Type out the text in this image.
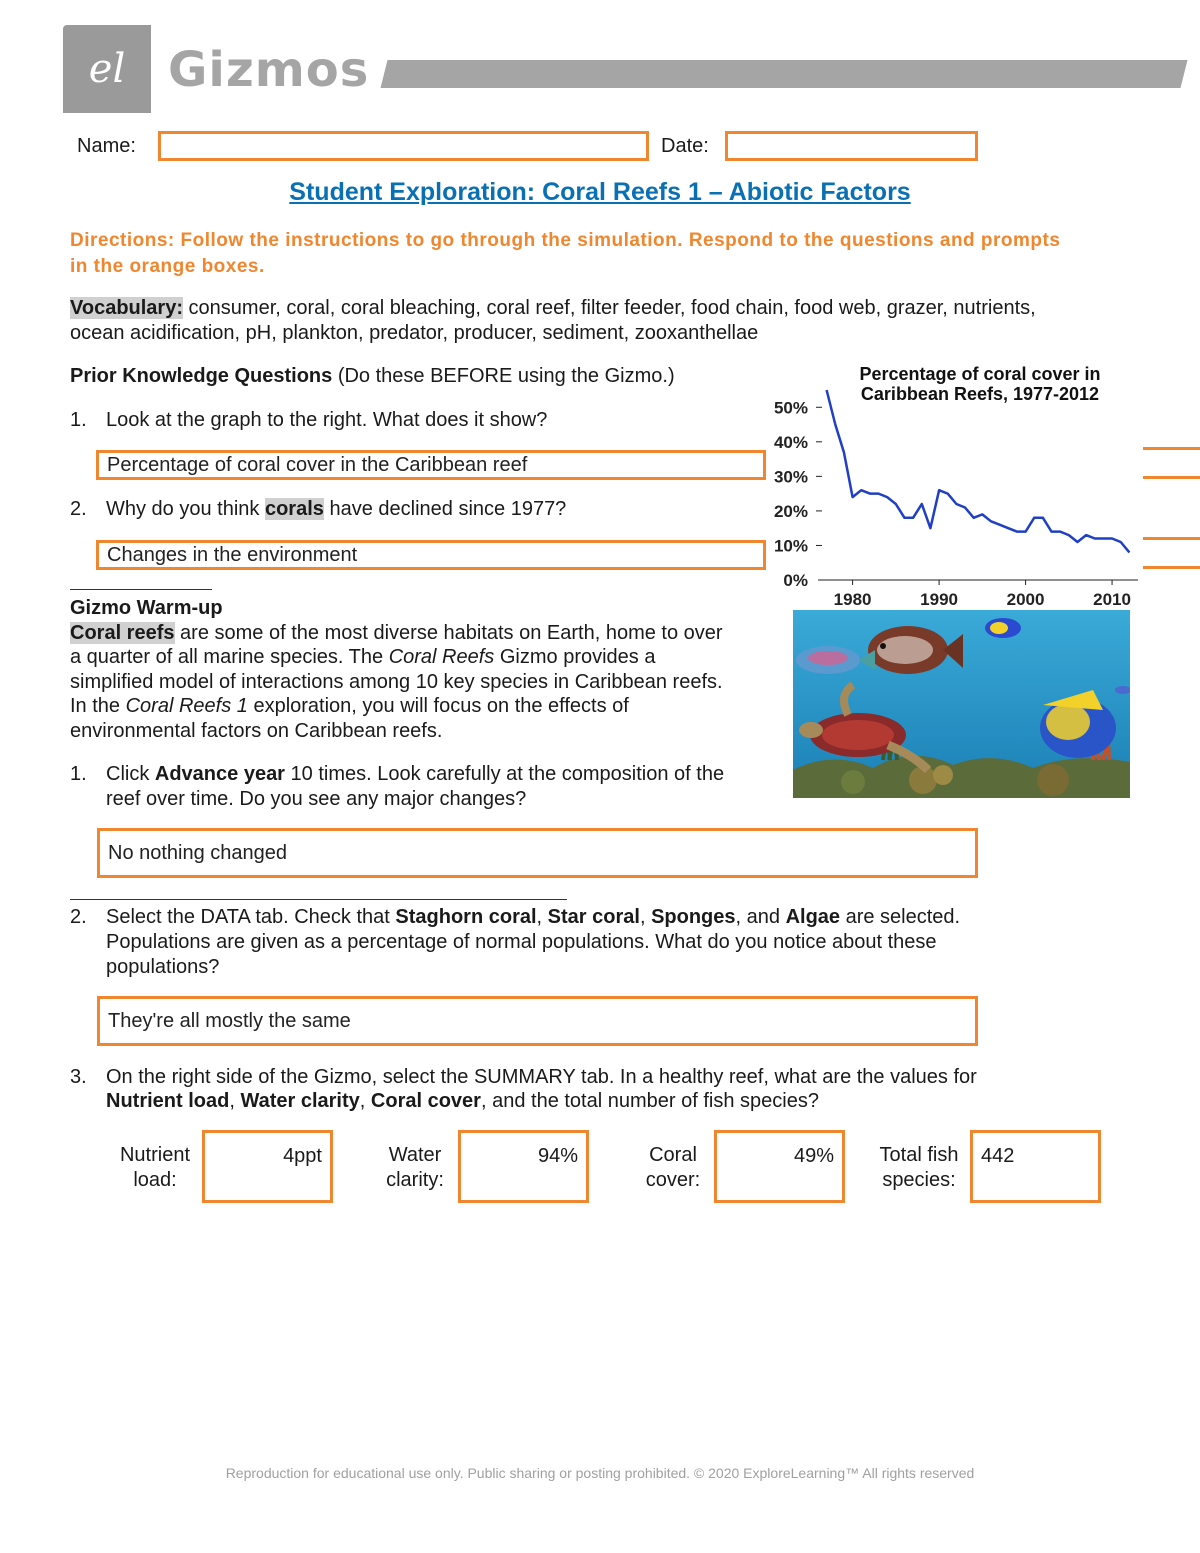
el Gizmos
Name:	Date:
Student Exploration: Coral Reefs 1 – Abiotic Factors
Directions: Follow the instructions to go through the simulation. Respond to the questions and prompts in the orange boxes.
Vocabulary: consumer, coral, coral bleaching, coral reef, filter feeder, food chain, food web, grazer, nutrients,
ocean acidification, pH, plankton, predator, producer, sediment, zooxanthellae
Prior Knowledge Questions (Do these BEFORE using the Gizmo.)
1. Look at the graph to the right. What does it show?
Percentage of coral cover in the Caribbean reef
2. Why do you think corals have declined since 1977?
Changes in the environment
Percentage of coral cover in Caribbean Reefs, 1977-2012
0%
10%
20%
30%
40%
50%
1980	1990	2000	2010
Gizmo Warm-up
Coral reefs are some of the most diverse habitats on Earth, home to over
a quarter of all marine species. The Coral Reefs Gizmo provides a
simplified model of interactions among 10 key species in Caribbean reefs.
In the Coral Reefs 1 exploration, you will focus on the effects of
environmental factors on Caribbean reefs.
1. Click Advance year 10 times. Look carefully at the composition of the
reef over time. Do you see any major changes?
No nothing changed
2. Select the DATA tab. Check that Staghorn coral, Star coral, Sponges, and Algae are selected.
Populations are given as a percentage of normal populations. What do you notice about these
populations?
They're all mostly the same
3. On the right side of the Gizmo, select the SUMMARY tab. In a healthy reef, what are the values for
Nutrient load, Water clarity, Coral cover, and the total number of fish species?
Nutrient
load:
4ppt	Water
clarity:
94%	Coral
cover:
49%	Total fish
species:
442
Reproduction for educational use only. Public sharing or posting prohibited. © 2020 ExploreLearning™ All rights reserved
